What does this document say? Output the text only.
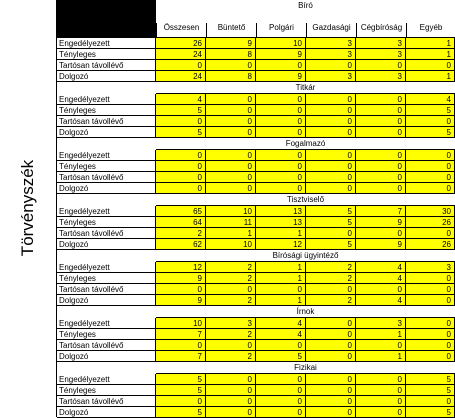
Törvényszék
Bíró
Összesen	Büntető	Polgári	Gazdasági	Cégbíróság	Egyéb
Engedélyezett	26	9	10	3	3	1
Tényleges	24	8	9	3	3	1
Tartósan távollévő	0	0	0	0	0	0
Dolgozó	24	8	9	3	3	1
Titkár
Engedélyezett	4	0	0	0	0	4
Tényleges	5	0	0	0	0	5
Tartósan távollévő	0	0	0	0	0	0
Dolgozó	5	0	0	0	0	5
Fogalmazó
Engedélyezett	0	0	0	0	0	0
Tényleges	0	0	0	0	0	0
Tartósan távollévő	0	0	0	0	0	0
Dolgozó	0	0	0	0	0	0
Tisztviselő
Engedélyezett	65	10	13	5	7	30
Tényleges	64	11	13	5	9	26
Tartósan távollévő	2	1	1	0	0	0
Dolgozó	62	10	12	5	9	26
Bírósági ügyintéző
Engedélyezett	12	2	1	2	4	3
Tényleges	9	2	1	2	4	0
Tartósan távollévő	0	0	0	0	0	0
Dolgozó	9	2	1	2	4	0
Írnok
Engedélyezett	10	3	4	0	3	0
Tényleges	7	2	4	0	1	0
Tartósan távollévő	0	0	0	0	0	0
Dolgozó	7	2	5	0	1	0
Fizikai
Engedélyezett	5	0	0	0	0	5
Tényleges	5	0	0	0	0	5
Tartósan távollévő	0	0	0	0	0	0
Dolgozó	5	0	0	0	0	5
